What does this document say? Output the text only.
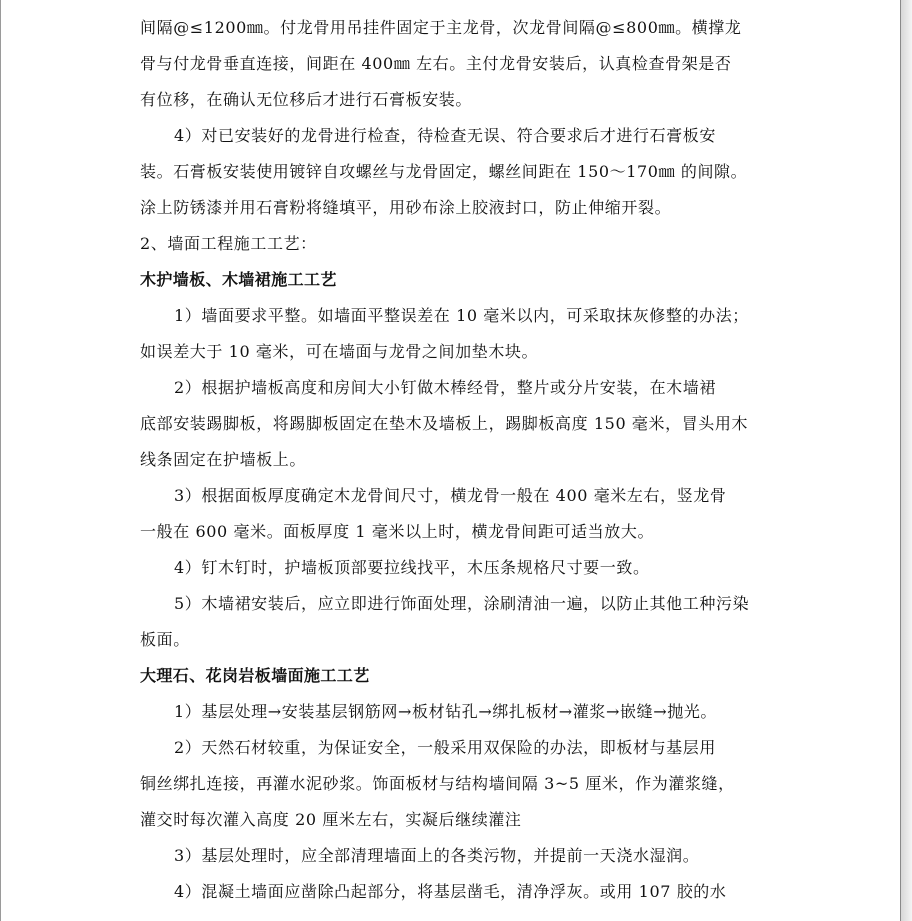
间隔@≤1200㎜。付龙骨用吊挂件固定于主龙骨，次龙骨间隔@≤800㎜。横撑龙
骨与付龙骨垂直连接，间距在 400㎜ 左右。主付龙骨安装后，认真检查骨架是否
有位移，在确认无位移后才进行石膏板安装。
4）对已安装好的龙骨进行检查，待检查无误、符合要求后才进行石膏板安
装。石膏板安装使用镀锌自攻螺丝与龙骨固定，螺丝间距在 150～170㎜ 的间隙。
涂上防锈漆并用石膏粉将缝填平，用砂布涂上胶液封口，防止伸缩开裂。
2、墙面工程施工工艺：
木护墙板、木墙裙施工工艺
1）墙面要求平整。如墙面平整误差在 10 毫米以内，可采取抹灰修整的办法；
如误差大于 10 毫米，可在墙面与龙骨之间加垫木块。
2）根据护墙板高度和房间大小钉做木棒经骨，整片或分片安装，在木墙裙
底部安装踢脚板，将踢脚板固定在垫木及墙板上，踢脚板高度 150 毫米，冒头用木
线条固定在护墙板上。
3）根据面板厚度确定木龙骨间尺寸，横龙骨一般在 400 毫米左右，竖龙骨
一般在 600 毫米。面板厚度 1 毫米以上时，横龙骨间距可适当放大。
4）钉木钉时，护墙板顶部要拉线找平，木压条规格尺寸要一致。
5）木墙裙安装后，应立即进行饰面处理，涂刷清油一遍，以防止其他工种污染
板面。
大理石、花岗岩板墙面施工工艺
1）基层处理→安装基层钢筋网→板材钻孔→绑扎板材→灌浆→嵌缝→抛光。
2）天然石材较重，为保证安全，一般采用双保险的办法，即板材与基层用
铜丝绑扎连接，再灌水泥砂浆。饰面板材与结构墙间隔 3~5 厘米，作为灌浆缝，
灌交时每次灌入高度 20 厘米左右，实凝后继续灌注
3）基层处理时，应全部清理墙面上的各类污物，并提前一天浇水湿润。
4）混凝土墙面应凿除凸起部分，将基层凿毛，清净浮灰。或用 107 胶的水
